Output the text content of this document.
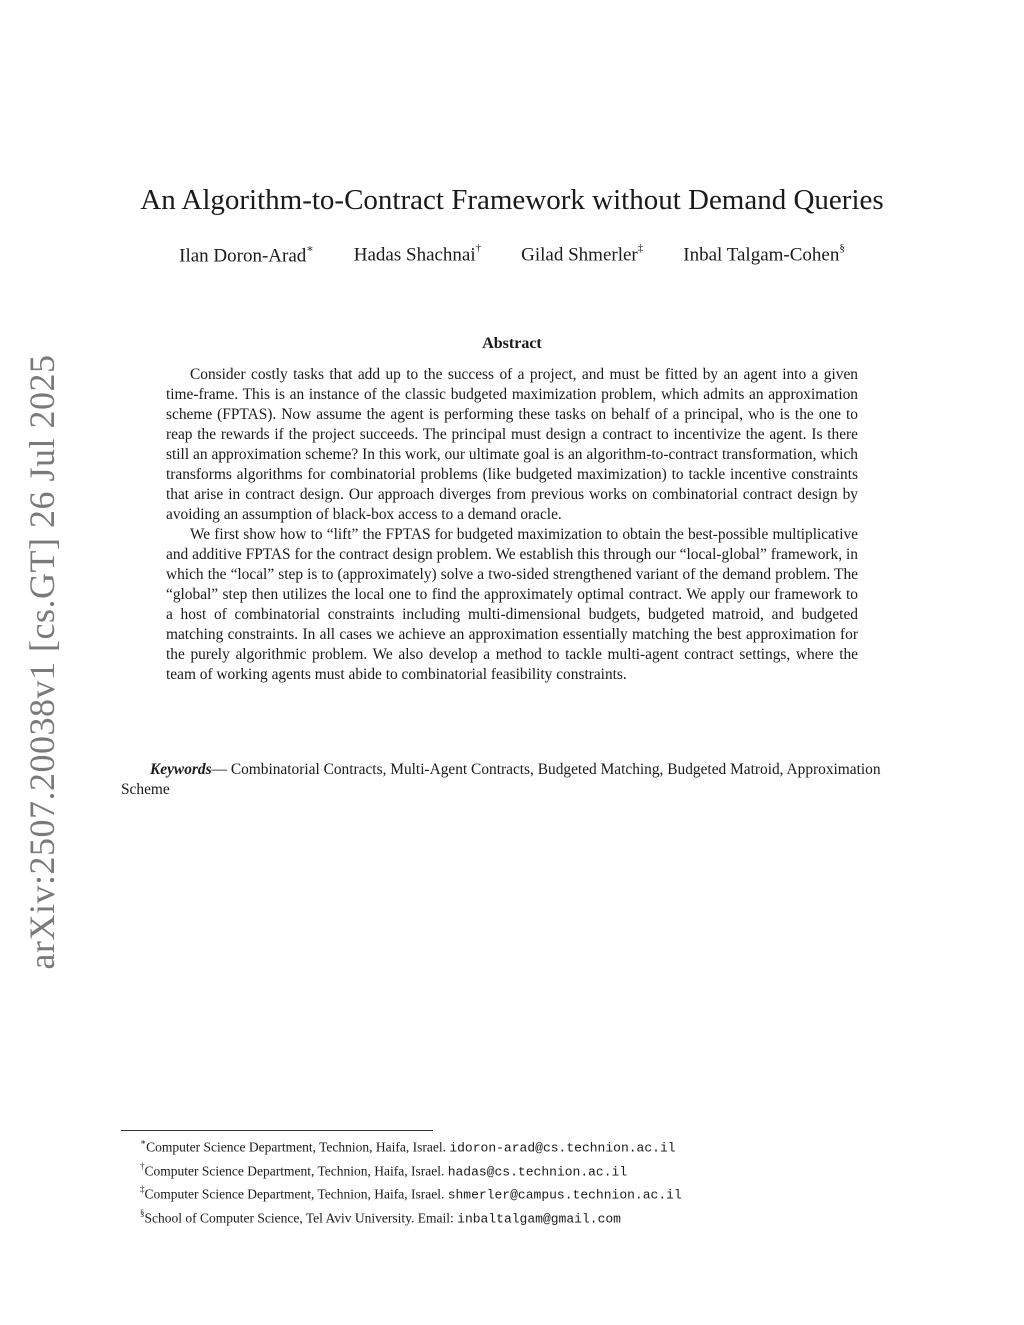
arXiv:2507.20038v1 [cs.GT] 26 Jul 2025
An Algorithm-to-Contract Framework without Demand Queries
Ilan Doron-Arad∗ Hadas Shachnai† Gilad Shmerler‡ Inbal Talgam-Cohen§
Abstract

Consider costly tasks that add up to the success of a project, and must be fitted by an agent into a given time-frame. This is an instance of the classic budgeted maximization problem, which admits an approximation scheme (FPTAS). Now assume the agent is performing these tasks on behalf of a principal, who is the one to reap the rewards if the project succeeds. The principal must design a contract to incentivize the agent. Is there still an approximation scheme? In this work, our ultimate goal is an algorithm-to-contract transformation, which transforms algorithms for combinatorial problems (like budgeted maximization) to tackle incentive constraints that arise in contract design. Our approach diverges from previous works on combinatorial contract design by avoiding an assumption of black-box access to a demand oracle.

We first show how to “lift” the FPTAS for budgeted maximization to obtain the best-possible multiplicative and additive FPTAS for the contract design problem. We establish this through our “local-global” framework, in which the “local” step is to (approximately) solve a two-sided strengthened variant of the demand problem. The “global” step then utilizes the local one to find the approximately optimal contract. We apply our framework to a host of combinatorial constraints including multi-dimensional budgets, budgeted matroid, and budgeted matching constraints. In all cases we achieve an approximation essentially matching the best approximation for the purely algorithmic problem. We also develop a method to tackle multi-agent contract settings, where the team of working agents must abide to combinatorial feasibility constraints.

Keywords— Combinatorial Contracts, Multi-Agent Contracts, Budgeted Matching, Budgeted Matroid, Approximation Scheme
∗Computer Science Department, Technion, Haifa, Israel. idoron-arad@cs.technion.ac.il
†Computer Science Department, Technion, Haifa, Israel. hadas@cs.technion.ac.il
‡Computer Science Department, Technion, Haifa, Israel. shmerler@campus.technion.ac.il
§School of Computer Science, Tel Aviv University. Email: inbaltalgam@gmail.com
